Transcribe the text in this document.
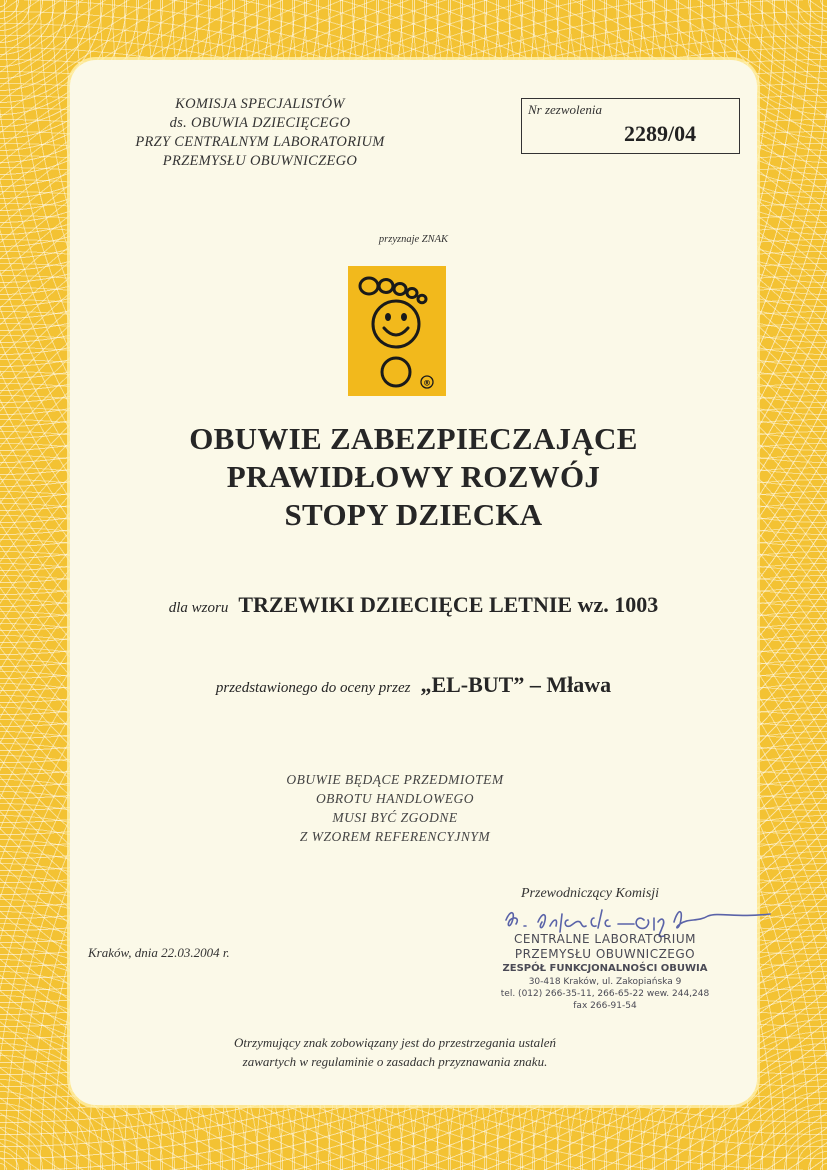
KOMISJA SPECJALISTÓW
ds. OBUWIA DZIECIĘCEGO
PRZY CENTRALNYM LABORATORIUM
PRZEMYSŁU OBUWNICZEGO
Nr zezwolenia
2289/04
przyznaje ZNAK
®
OBUWIE ZABEZPIECZAJĄCE
PRAWIDŁOWY ROZWÓJ
STOPY DZIECKA
dla wzoru TRZEWIKI DZIECIĘCE LETNIE wz. 1003
przedstawionego do oceny przez „EL-BUT” – Mława
OBUWIE BĘDĄCE PRZEDMIOTEM
OBROTU HANDLOWEGO
MUSI BYĆ ZGODNE
Z WZOREM REFERENCYJNYM
Przewodniczący Komisji
Kraków, dnia 22.03.2004 r.
CENTRALNE LABORATORIUM
PRZEMYSŁU OBUWNICZEGO
ZESPÓŁ FUNKCJONALNOŚCI OBUWIA
30-418 Kraków, ul. Zakopiańska 9
tel. (012) 266-35-11, 266-65-22 wew. 244,248
fax 266-91-54
Otrzymujący znak zobowiązany jest do przestrzegania ustaleń
zawartych w regulaminie o zasadach przyznawania znaku.
